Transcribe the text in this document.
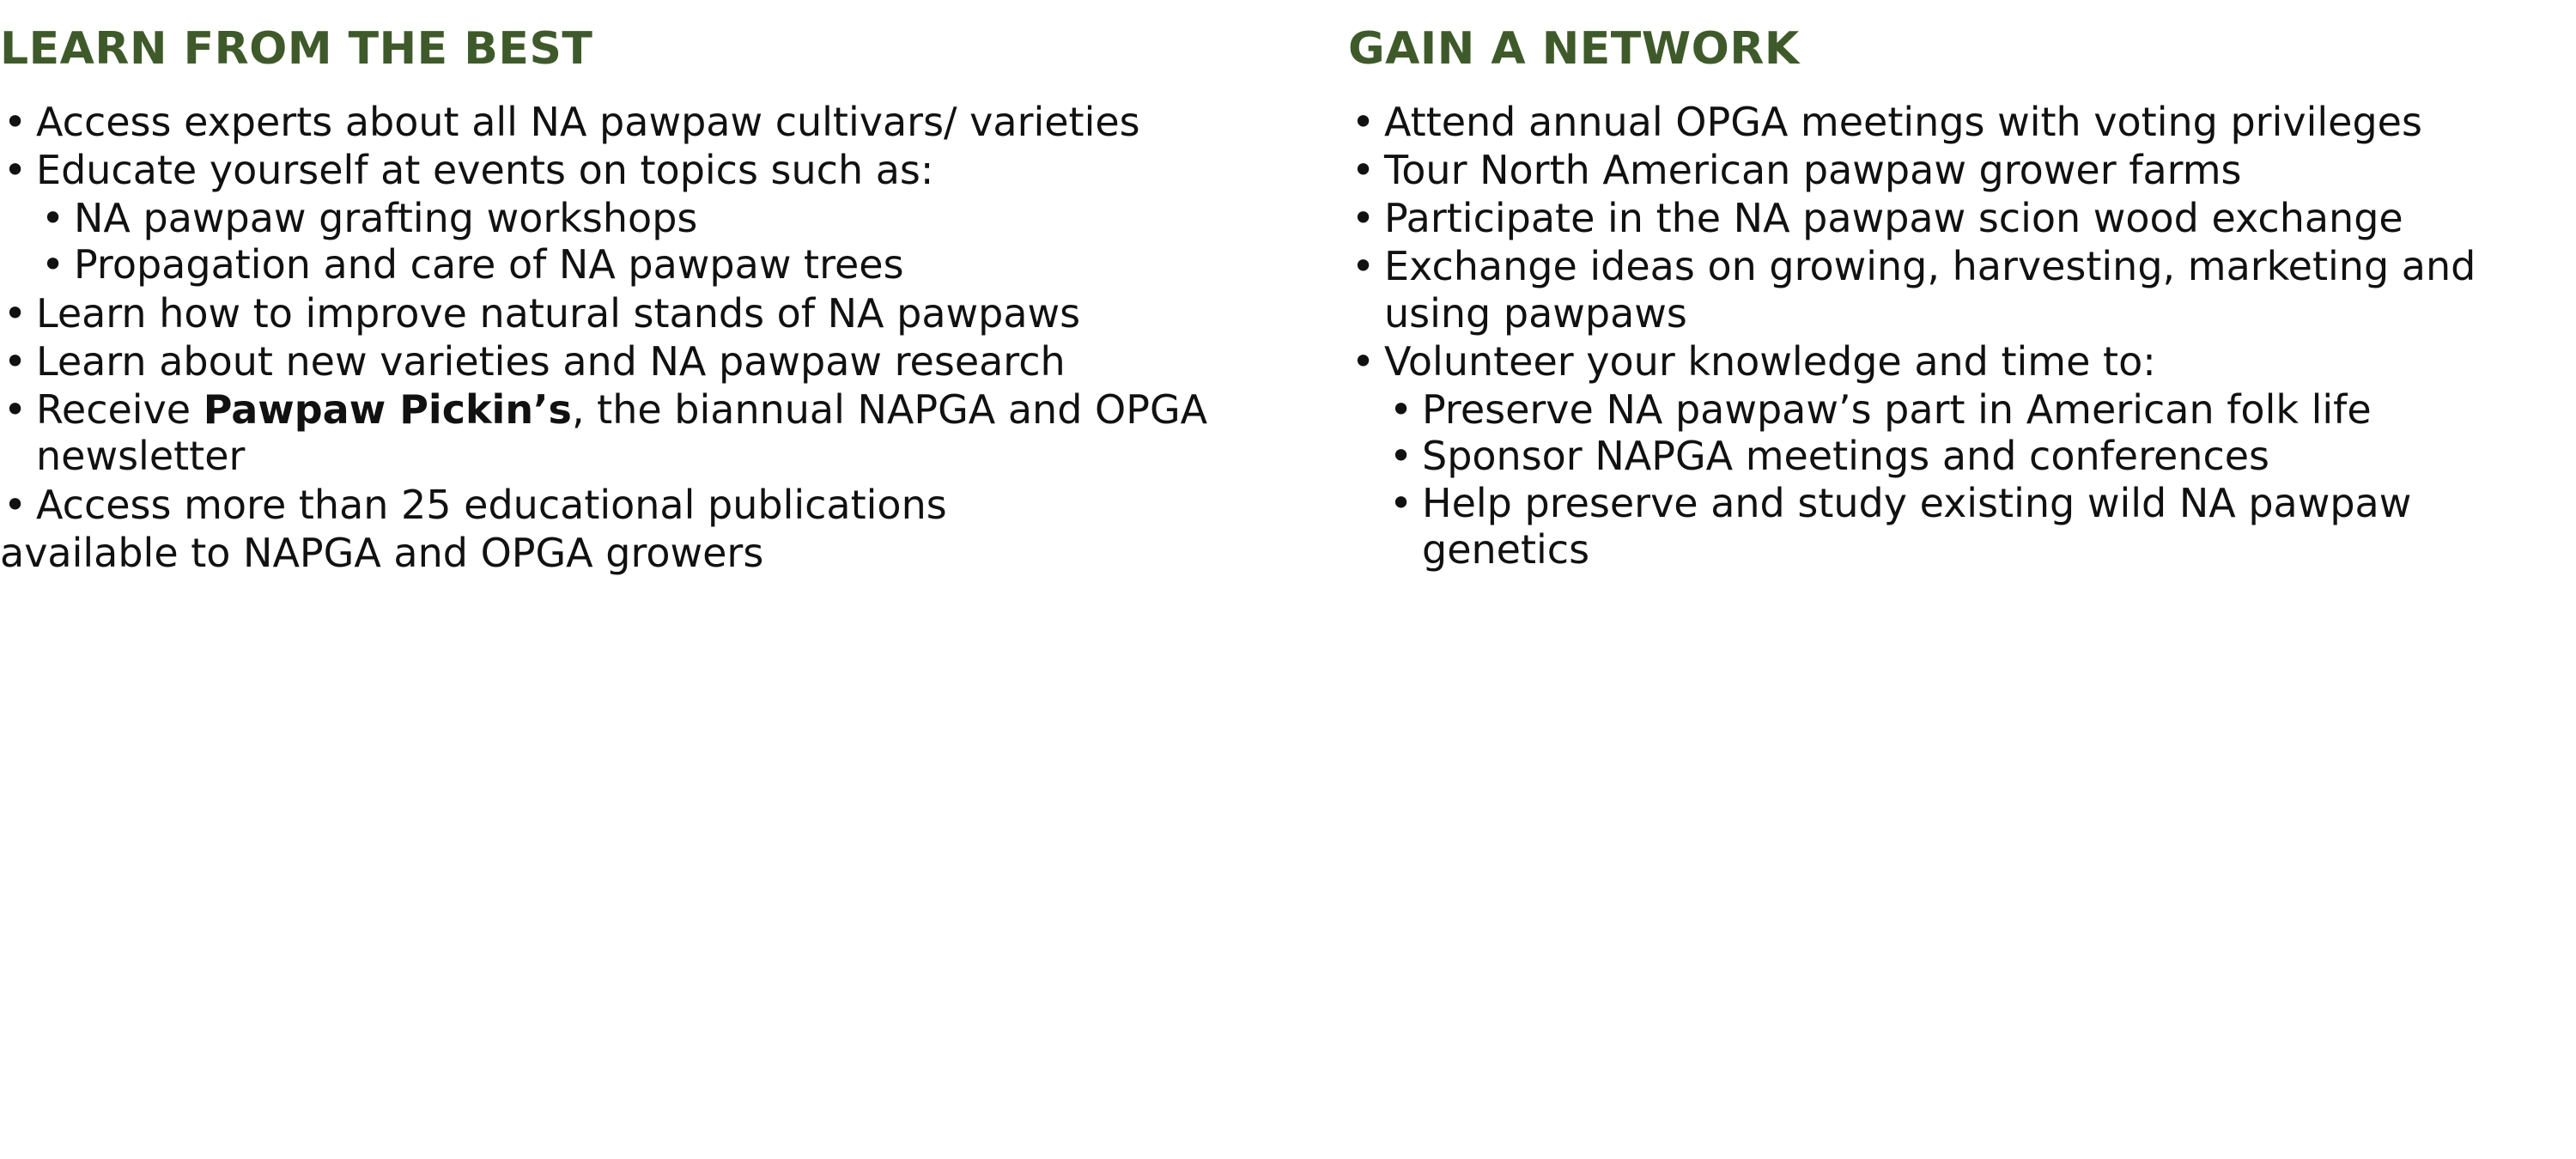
LEARN FROM THE BEST
• Access experts about all NA pawpaw cultivars/ varieties
• Educate yourself at events on topics such as:
• NA pawpaw grafting workshops
• Propagation and care of NA pawpaw trees
• Learn how to improve natural stands of NA pawpaws
• Learn about new varieties and NA pawpaw research
• Receive Pawpaw Pickin’s, the biannual NAPGA and OPGA newsletter
• Access more than 25 educational publications
available to NAPGA and OPGA growers
GAIN A NETWORK
• Attend annual OPGA meetings with voting privileges
• Tour North American pawpaw grower farms
• Participate in the NA pawpaw scion wood exchange
• Exchange ideas on growing, harvesting, marketing and using pawpaws
• Volunteer your knowledge and time to:
• Preserve NA pawpaw’s part in American folk life
• Sponsor NAPGA meetings and conferences
• Help preserve and study existing wild NA pawpaw genetics
